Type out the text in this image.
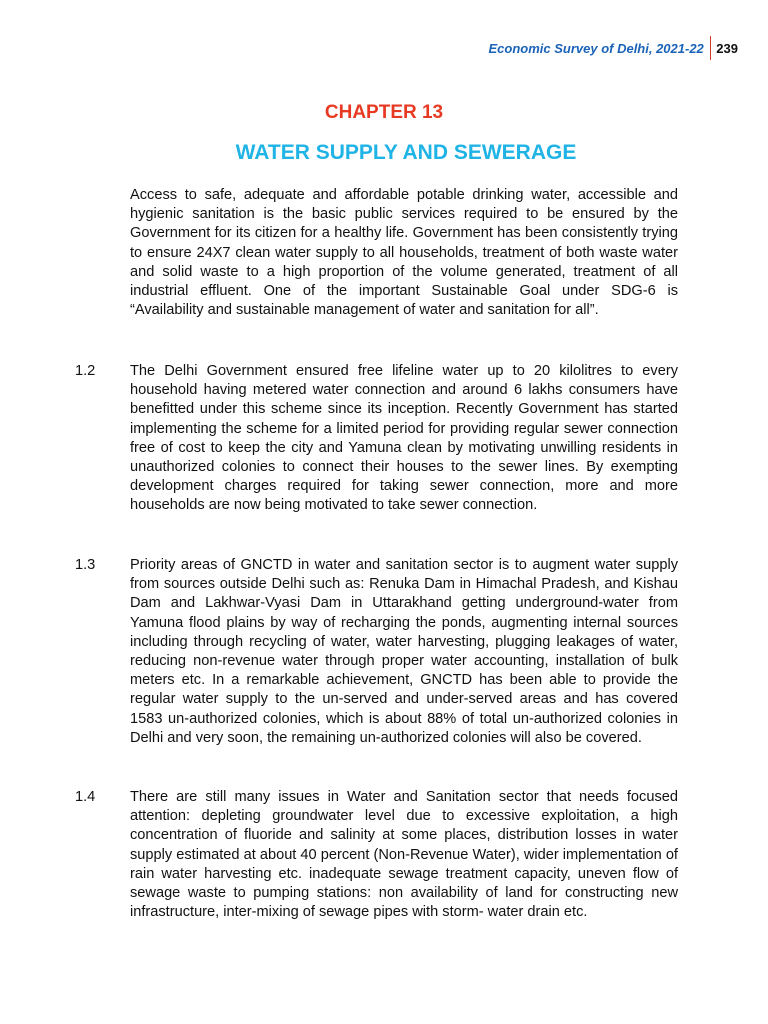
Economic Survey of Delhi, 2021-22 239
CHAPTER 13
WATER SUPPLY AND SEWERAGE
Access to safe, adequate and affordable potable drinking water, accessible and hygienic sanitation is the basic public services required to be ensured by the Government for its citizen for a healthy life. Government has been consistently trying to ensure 24X7 clean water supply to all households, treatment of both waste water and solid waste to a high proportion of the volume generated, treatment of all industrial effluent. One of the important Sustainable Goal under SDG-6 is “Availability and sustainable management of water and sanitation for all”.
1.2 The Delhi Government ensured free lifeline water up to 20 kilolitres to every household having metered water connection and around 6 lakhs consumers have benefitted under this scheme since its inception. Recently Government has started implementing the scheme for a limited period for providing regular sewer connection free of cost to keep the city and Yamuna clean by motivating unwilling residents in unauthorized colonies to connect their houses to the sewer lines. By exempting development charges required for taking sewer connection, more and more households are now being motivated to take sewer connection.
1.3 Priority areas of GNCTD in water and sanitation sector is to augment water supply from sources outside Delhi such as: Renuka Dam in Himachal Pradesh, and Kishau Dam and Lakhwar-Vyasi Dam in Uttarakhand getting underground-water from Yamuna flood plains by way of recharging the ponds, augmenting internal sources including through recycling of water, water harvesting, plugging leakages of water, reducing non-revenue water through proper water accounting, installation of bulk meters etc. In a remarkable achievement, GNCTD has been able to provide the regular water supply to the un-served and under-served areas and has covered 1583 un-authorized colonies, which is about 88% of total un-authorized colonies in Delhi and very soon, the remaining un-authorized colonies will also be covered.
1.4 There are still many issues in Water and Sanitation sector that needs focused attention: depleting groundwater level due to excessive exploitation, a high concentration of fluoride and salinity at some places, distribution losses in water supply estimated at about 40 percent (Non-Revenue Water), wider implementation of rain water harvesting etc. inadequate sewage treatment capacity, uneven flow of sewage waste to pumping stations: non availability of land for constructing new infrastructure, inter-mixing of sewage pipes with storm- water drain etc.
